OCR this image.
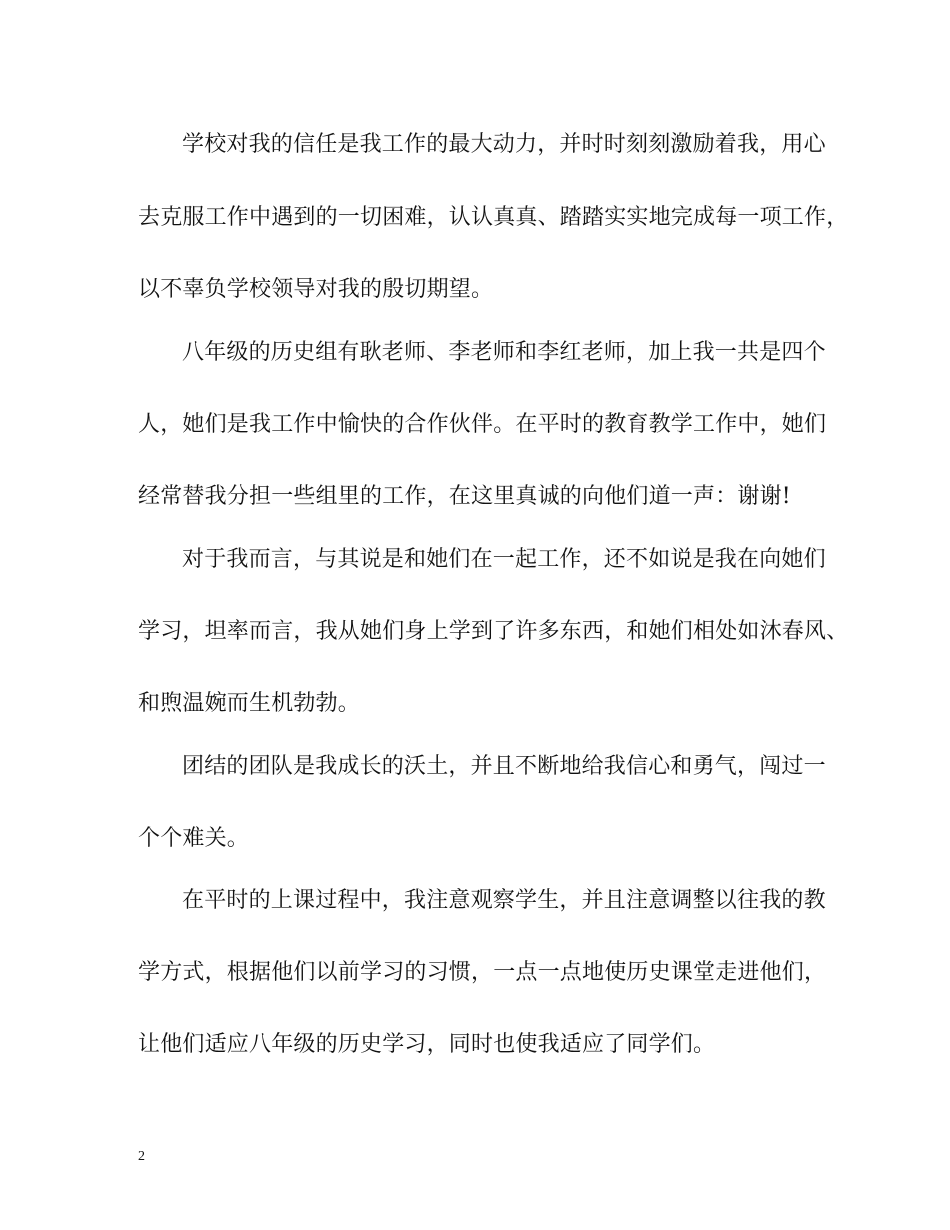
学校对我的信任是我工作的最大动力，并时时刻刻激励着我，用心
去克服工作中遇到的一切困难，认认真真、踏踏实实地完成每一项工作，
以不辜负学校领导对我的殷切期望。
八年级的历史组有耿老师、李老师和李红老师，加上我一共是四个
人，她们是我工作中愉快的合作伙伴。在平时的教育教学工作中，她们
经常替我分担一些组里的工作，在这里真诚的向他们道一声：谢谢!
对于我而言，与其说是和她们在一起工作，还不如说是我在向她们
学习，坦率而言，我从她们身上学到了许多东西，和她们相处如沐春风、
和煦温婉而生机勃勃。
团结的团队是我成长的沃土，并且不断地给我信心和勇气，闯过一
个个难关。
在平时的上课过程中，我注意观察学生，并且注意调整以往我的教
学方式，根据他们以前学习的习惯，一点一点地使历史课堂走进他们，
让他们适应八年级的历史学习，同时也使我适应了同学们。
2
